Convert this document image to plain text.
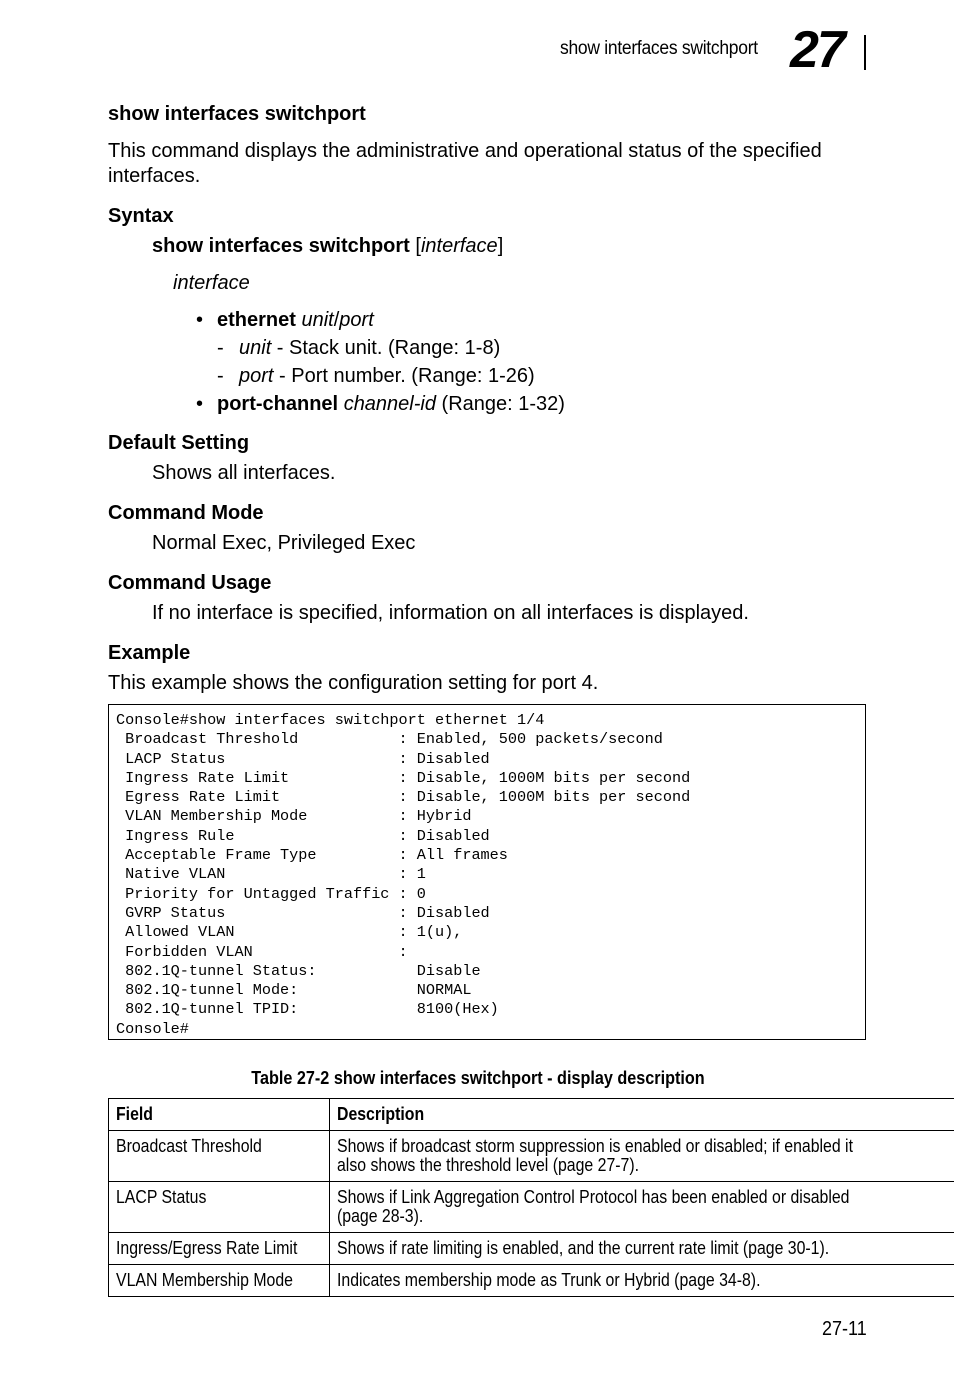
show interfaces switchport 27
show interfaces switchport
This command displays the administrative and operational status of the specified interfaces.
Syntax
show interfaces switchport [interface]
interface
• ethernet unit/port
- unit - Stack unit. (Range: 1-8)
- port - Port number. (Range: 1-26)
• port-channel channel-id (Range: 1-32)
Default Setting
Shows all interfaces.
Command Mode
Normal Exec, Privileged Exec
Command Usage
If no interface is specified, information on all interfaces is displayed.
Example
This example shows the configuration setting for port 4.
Console#show interfaces switchport ethernet 1/4
Broadcast Threshold           : Enabled, 500 packets/second
LACP Status                   : Disabled
Ingress Rate Limit            : Disable, 1000M bits per second
Egress Rate Limit             : Disable, 1000M bits per second
VLAN Membership Mode          : Hybrid
Ingress Rule                  : Disabled
Acceptable Frame Type         : All frames
Native VLAN                   : 1
Priority for Untagged Traffic : 0
GVRP Status                   : Disabled
Allowed VLAN                  : 1(u),
Forbidden VLAN                :
802.1Q-tunnel Status:           Disable
802.1Q-tunnel Mode:             NORMAL
802.1Q-tunnel TPID:             8100(Hex)
Console#
Table 27-2 show interfaces switchport - display description
Field	Description
Broadcast Threshold	Shows if broadcast storm suppression is enabled or disabled; if enabled it also shows the threshold level (page 27-7).

LACP Status	Shows if Link Aggregation Control Protocol has been enabled or disabled (page 28-3).

Ingress/Egress Rate Limit	Shows if rate limiting is enabled, and the current rate limit (page 30-1).

VLAN Membership Mode	Indicates membership mode as Trunk or Hybrid (page 34-8).
27-11
